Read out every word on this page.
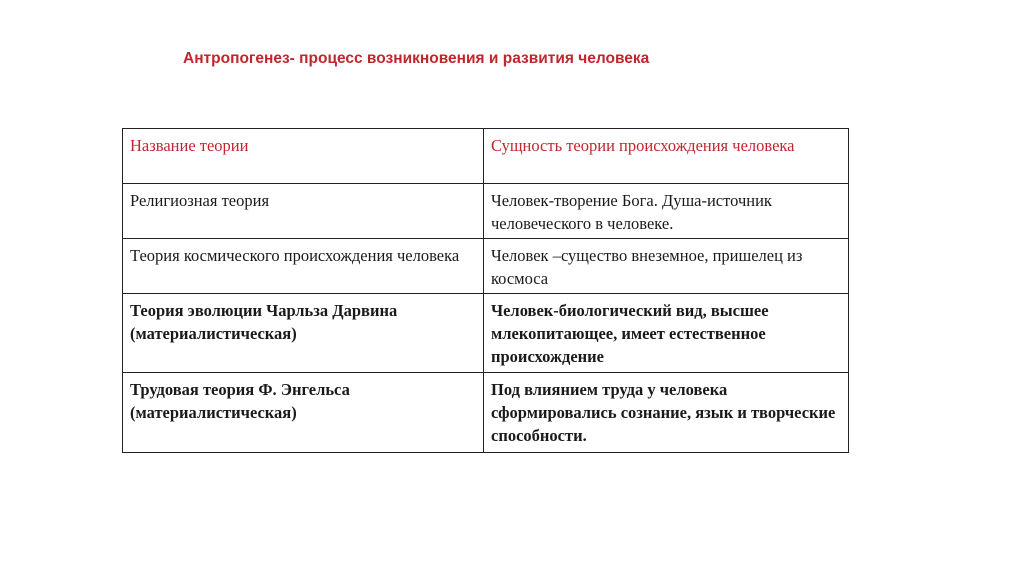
Антропогенез- процесс возникновения и развития человека
Название теории	Сущность теории происхождения человека

Религиозная теория	Человек-творение Бога. Душа-источник человеческого в человеке.

Теория космического происхождения человека	Человек –существо внеземное, пришелец из космоса

Теория эволюции Чарльза Дарвина (материалистическая)	Человек-биологический вид, высшее млекопитающее, имеет естественное происхождение

Трудовая теория Ф. Энгельса (материалистическая)	Под влиянием труда у человека сформировались сознание, язык и творческие способности.
